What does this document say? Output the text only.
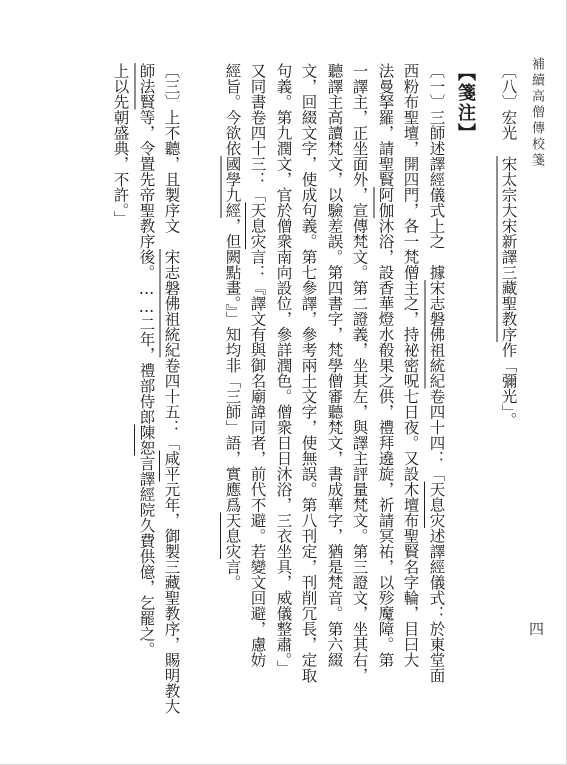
補續高僧傳校箋
【箋注】
〔八〕宏光　宋太宗大宋新譯三藏聖教序作「彌光」。
〔一〕三師述譯經儀式上之　據宋志磐佛祖統紀卷四十四：「天息灾述譯經儀式：於東堂面
西粉布聖壇，開四門，各一梵僧主之，持祕密呪七日夜。又設木壇布聖賢名字輪，目曰大
法曼拏羅，請聖賢阿伽沐浴，設香華燈水殽果之供，禮拜遶旋，祈請冥祐，以殄魔障。第
一譯主，正坐面外，宣傳梵文。第二證義，坐其左，與譯主評量梵文。第三證文，坐其右，
聽譯主高讀梵文，以驗差誤。第四書字，梵學僧審聽梵文，書成華字，猶是梵音。第六綴
文，回綴文字，使成句義。第七參譯，參考兩土文字，使無誤。第八刊定，刊削冗長，定取
句義。第九潤文，官於僧衆南向設位，參詳潤色。僧衆日日沐浴，三衣坐具，威儀整肅。」
又同書卷四十三：「天息灾言：『譯文有與御名廟諱同者，前代不避。若變文回避，慮妨
經旨。今欲依國學九經，但闕點畫。』」知均非「三師」語，實應爲天息灾言。
〔三〕上不聽，且製序文　宋志磐佛祖統紀卷四十五：「咸平元年，御製三藏聖教序，賜明教大
師法賢等，令置先帝聖教序後。……二年，禮部侍郎陳恕言譯經院久費供億，乞罷之。
上以先朝盛典，不許。」
四
